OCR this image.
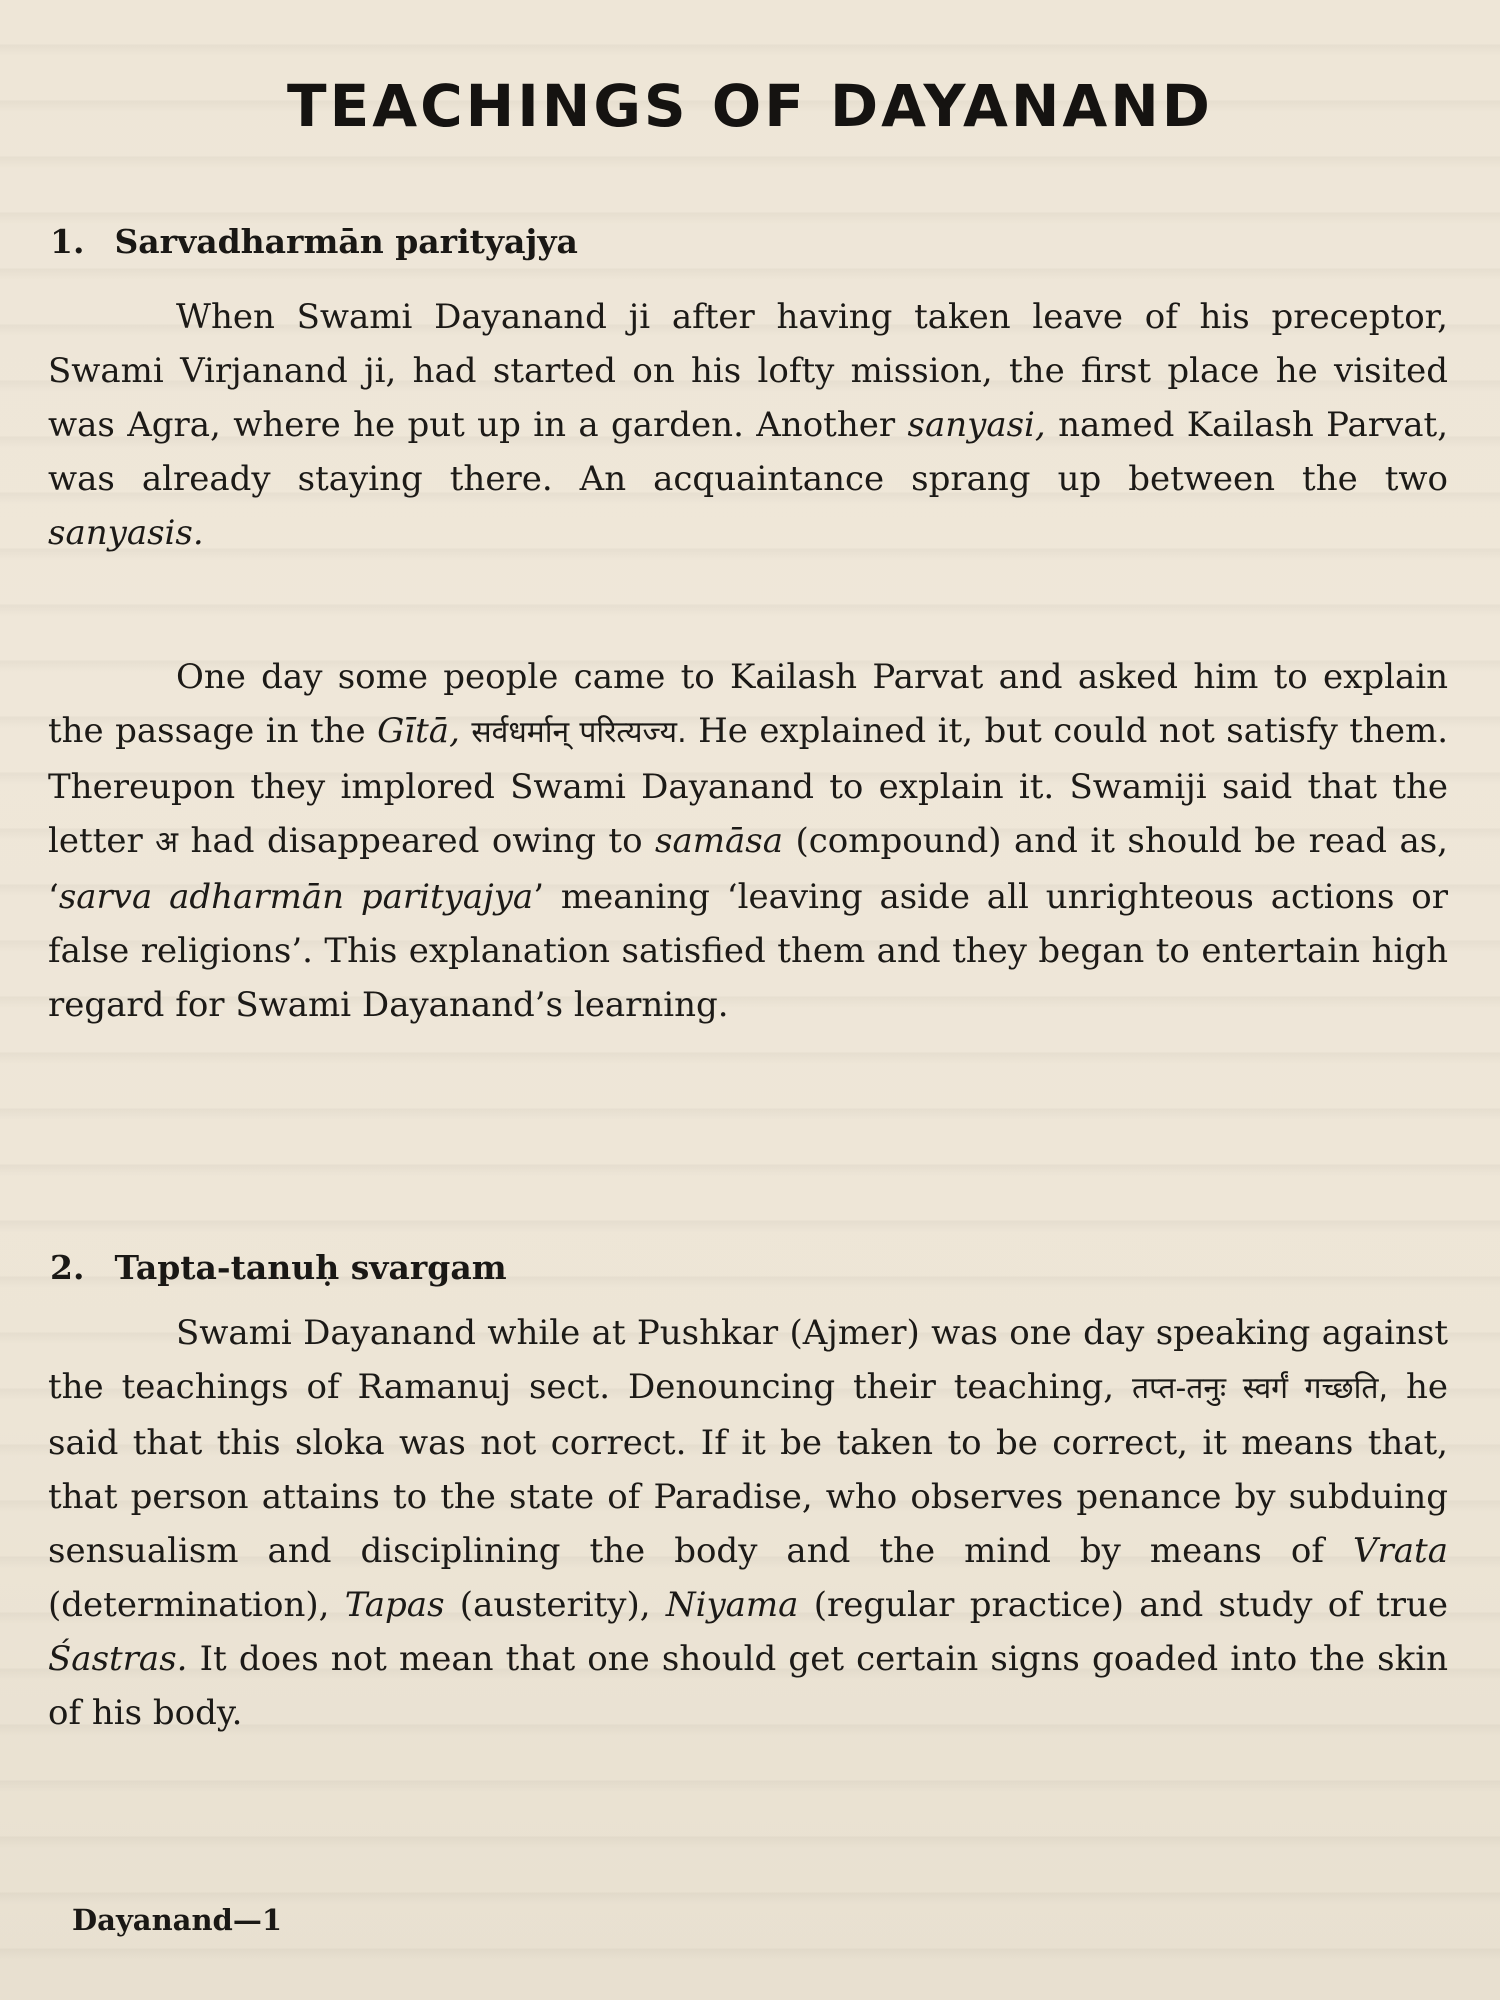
TEACHINGS OF DAYANAND
1. Sarvadharmān parityajya

When Swami Dayanand ji after having taken leave of his preceptor, Swami Virjanand ji, had started on his lofty mission, the first place he visited was Agra, where he put up in a garden. Another sanyasi, named Kailash Parvat, was already staying there. An acquaintance sprang up between the two sanyasis.

One day some people came to Kailash Parvat and asked him to explain the passage in the Gītā, सर्वधर्मान् परित्यज्य. He explained it, but could not satisfy them. Thereupon they implored Swami Dayanand to explain it. Swamiji said that the letter अ had disappeared owing to samāsa (compound) and it should be read as, ‘sarva adharmān parityajya’ meaning ‘leaving aside all unrighteous actions or false religions’. This explanation satisfied them and they began to entertain high regard for Swami Dayanand’s learning.

2. Tapta-tanuḥ svargam

Swami Dayanand while at Pushkar (Ajmer) was one day speaking against the teachings of Ramanuj sect. Denouncing their teaching, तप्त-तनुः स्वर्गं गच्छति, he said that this sloka was not correct. If it be taken to be correct, it means that, that person attains to the state of Paradise, who observes penance by subduing sensualism and disciplining the body and the mind by means of Vrata (determination), Tapas (austerity), Niyama (regular practice) and study of true Śastras. It does not mean that one should get certain signs goaded into the skin of his body.

Dayanand—1
